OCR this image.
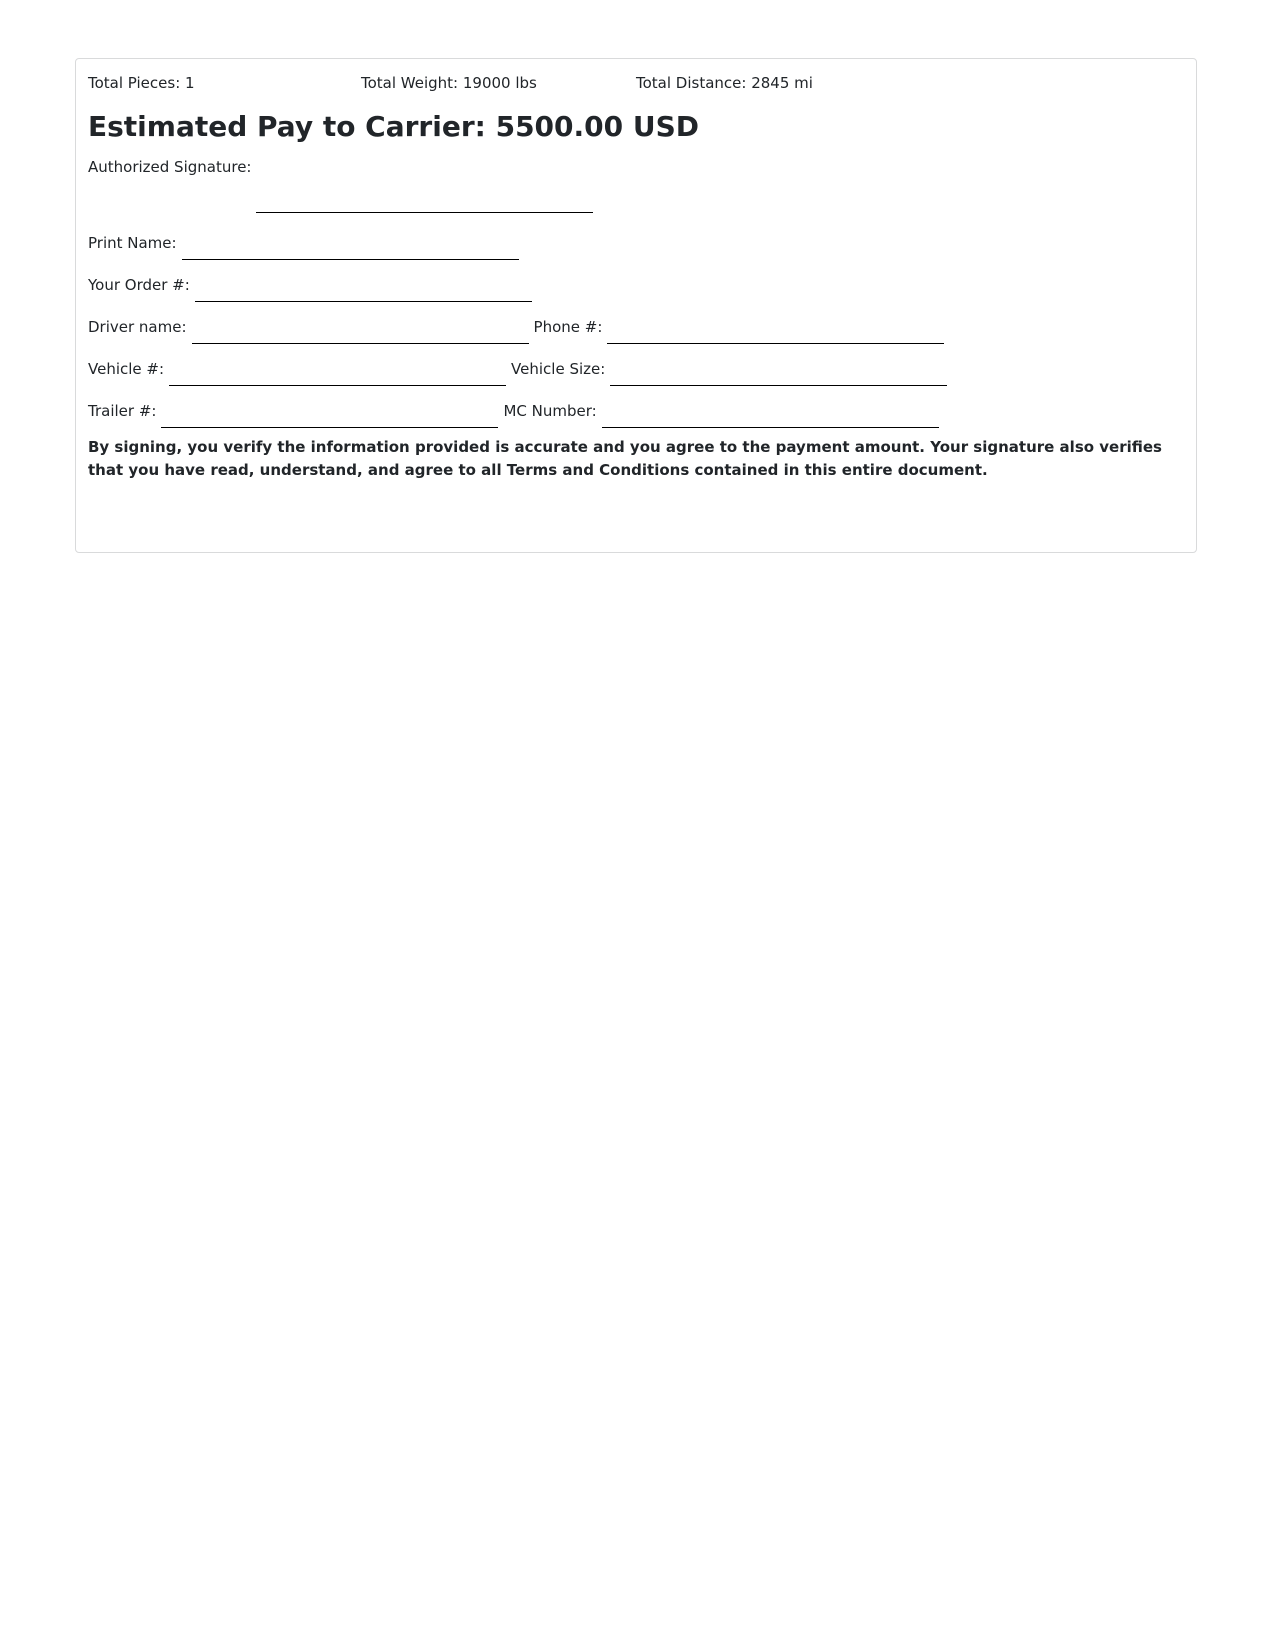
Total Pieces: 1	Total Weight: 19000 lbs	Total Distance: 2845 mi
Estimated Pay to Carrier: 5500.00 USD
Authorized Signature:
Print Name:
Your Order #:
Driver name:	Phone #:
Vehicle #:	Vehicle Size:
Trailer #:	MC Number:

By signing, you verify the information provided is accurate and you agree to the payment amount. Your signature also verifies that you have read, understand, and agree to all Terms and Conditions contained in this entire document.
